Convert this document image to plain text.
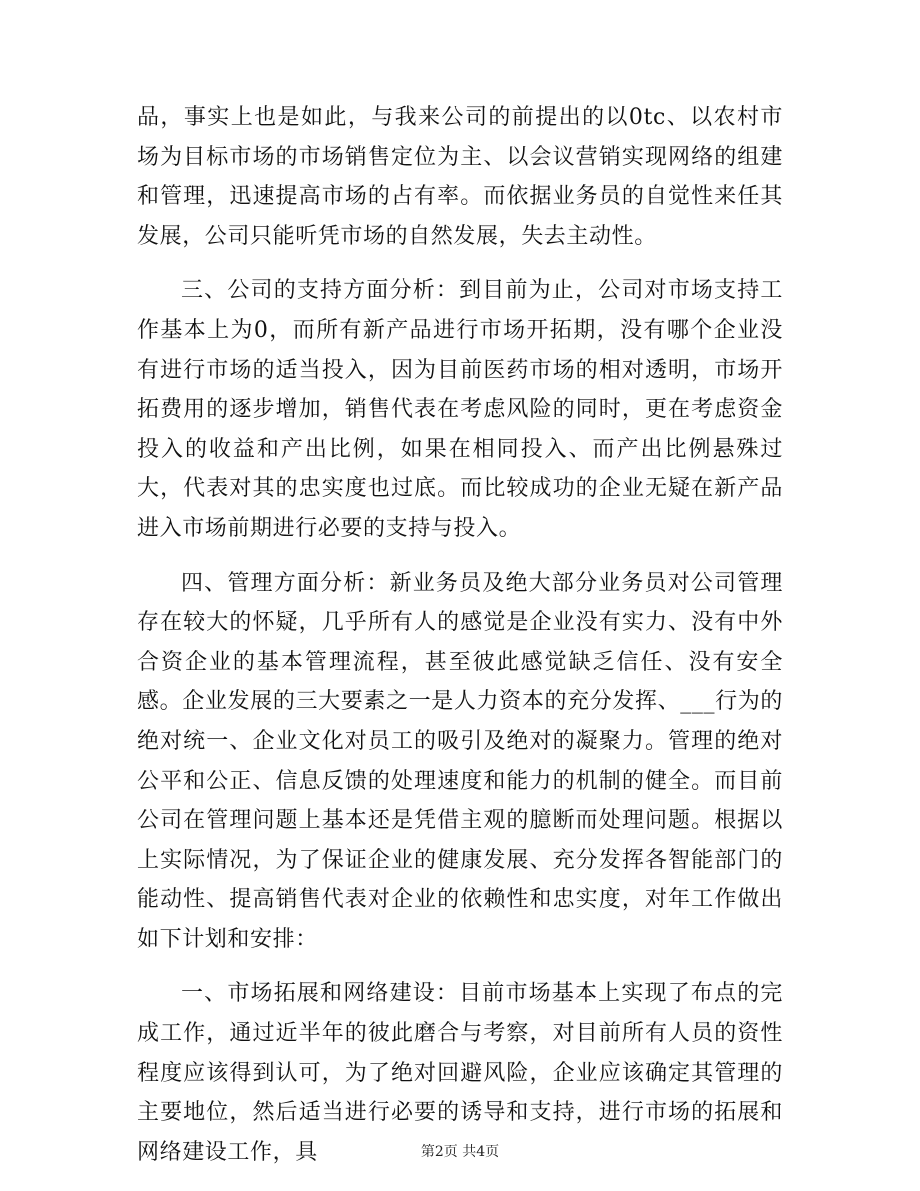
品，事实上也是如此，与我来公司的前提出的以0tc、以农村市场为目标市场的市场销售定位为主、以会议营销实现网络的组建和管理，迅速提高市场的占有率。而依据业务员的自觉性来任其发展，公司只能听凭市场的自然发展，失去主动性。

三、公司的支持方面分析：到目前为止，公司对市场支持工作基本上为0，而所有新产品进行市场开拓期，没有哪个企业没有进行市场的适当投入，因为目前医药市场的相对透明，市场开拓费用的逐步增加，销售代表在考虑风险的同时，更在考虑资金投入的收益和产出比例，如果在相同投入、而产出比例悬殊过大，代表对其的忠实度也过底。而比较成功的企业无疑在新产品进入市场前期进行必要的支持与投入。

四、管理方面分析：新业务员及绝大部分业务员对公司管理存在较大的怀疑，几乎所有人的感觉是企业没有实力、没有中外合资企业的基本管理流程，甚至彼此感觉缺乏信任、没有安全感。企业发展的三大要素之一是人力资本的充分发挥、___行为的绝对统一、企业文化对员工的吸引及绝对的凝聚力。管理的绝对公平和公正、信息反馈的处理速度和能力的机制的健全。而目前公司在管理问题上基本还是凭借主观的臆断而处理问题。根据以上实际情况，为了保证企业的健康发展、充分发挥各智能部门的能动性、提高销售代表对企业的依赖性和忠实度，对年工作做出如下计划和安排：

一、市场拓展和网络建设：目前市场基本上实现了布点的完成工作，通过近半年的彼此磨合与考察，对目前所有人员的资性程度应该得到认可，为了绝对回避风险，企业应该确定其管理的主要地位，然后适当进行必要的诱导和支持，进行市场的拓展和网络建设工作，具	第2页 共4页
